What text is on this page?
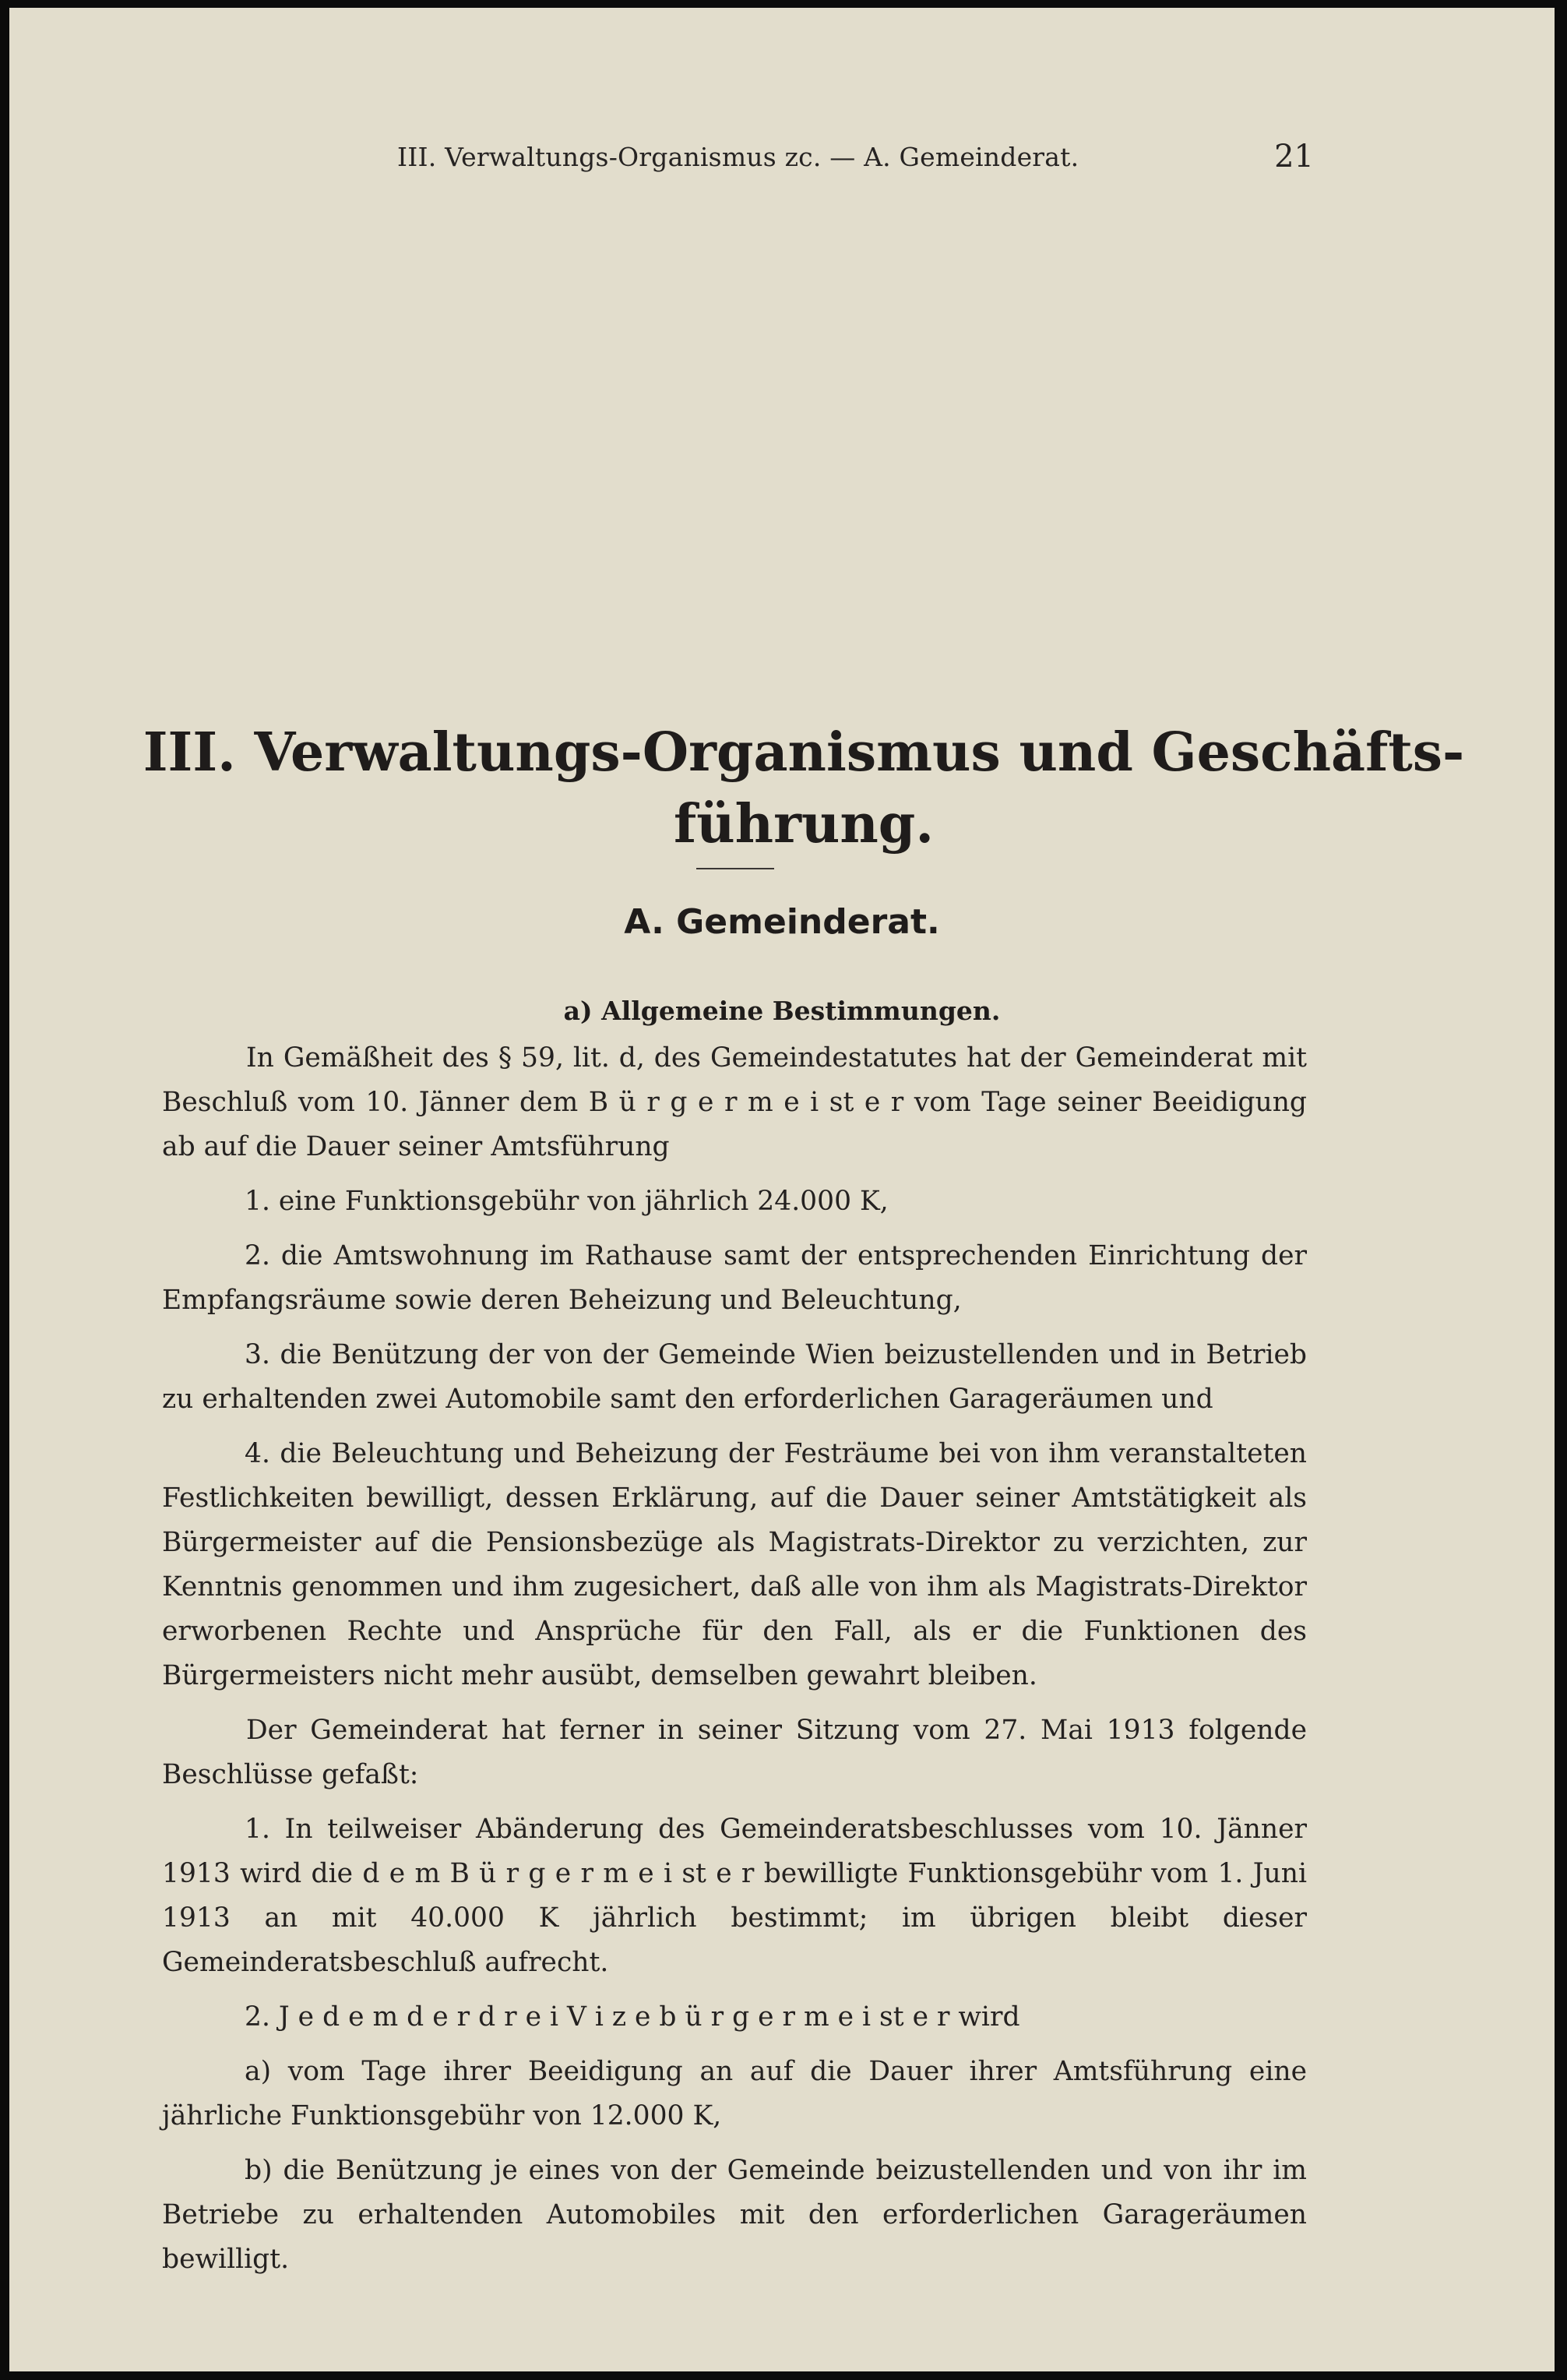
III. Verwaltungs-Organismus zc. — A. Gemeinderat.	21
III. Verwaltungs-Organismus und Geschäfts-
führung.
A. Gemeinderat.
a) Allgemeine Bestimmungen.

In Gemäßheit des § 59, lit. d, des Gemeindestatutes hat der Gemeinderat mit Beschluß vom 10. Jänner dem B ü r g e r m e i st e r vom Tage seiner Beeidigung ab auf die Dauer seiner Amtsführung

1. eine Funktionsgebühr von jährlich 24.000 K,

2. die Amtswohnung im Rathause samt der entsprechenden Einrichtung der Empfangsräume sowie deren Beheizung und Beleuchtung,

3. die Benützung der von der Gemeinde Wien beizustellenden und in Betrieb zu erhaltenden zwei Automobile samt den erforderlichen Garageräumen und

4. die Beleuchtung und Beheizung der Festräume bei von ihm veranstalteten Festlichkeiten bewilligt, dessen Erklärung, auf die Dauer seiner Amtstätigkeit als Bürgermeister auf die Pensionsbezüge als Magistrats-Direktor zu verzichten, zur Kenntnis genommen und ihm zugesichert, daß alle von ihm als Magistrats-Direktor erworbenen Rechte und Ansprüche für den Fall, als er die Funktionen des Bürgermeisters nicht mehr ausübt, demselben gewahrt bleiben.

Der Gemeinderat hat ferner in seiner Sitzung vom 27. Mai 1913 folgende Beschlüsse gefaßt:

1. In teilweiser Abänderung des Gemeinderatsbeschlusses vom 10. Jänner 1913 wird die d e m B ü r g e r m e i st e r bewilligte Funktionsgebühr vom 1. Juni 1913 an mit 40.000 K jährlich bestimmt; im übrigen bleibt dieser Gemeinderatsbeschluß aufrecht.

2. J e d e m d e r d r e i V i z e b ü r g e r m e i st e r wird

a) vom Tage ihrer Beeidigung an auf die Dauer ihrer Amtsführung eine jährliche Funktionsgebühr von 12.000 K,

b) die Benützung je eines von der Gemeinde beizustellenden und von ihr im Betriebe zu erhaltenden Automobiles mit den erforderlichen Garageräumen bewilligt.
